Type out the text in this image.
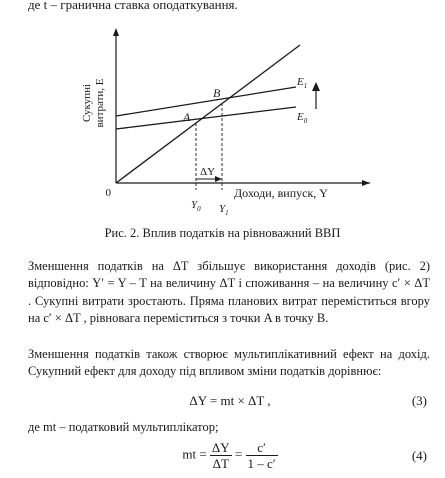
де t – гранична ставка оподаткування.
Сукупні витрати, E
0	Доходи, випуск, Y
A
B
$E_1$
$E_0$
ΔY
$Y_0$ $Y_1$
Рис. 2. Вплив податків на рівноважний ВВП

Зменшення податків на ΔT збільшує використання доходів (рис. 2) відповідно: Y′ = Y – T на величину ΔT і споживання – на величину c′ × ΔT . Сукупні витрати зростають. Пряма планових витрат переміститься вгору на c′ × ΔT , рівновага переміститься з точки A в точку B.

Зменшення податків також створює мультиплікативний ефект на дохід. Сукупний ефект для доходу під впливом зміни податків дорівнює:

ΔY = mt × ΔT ,	(3)
де mt – податковий мультиплікатор;
mt = $\frac{\Delta Y}{\Delta T} = \frac{c'}{1 - c'}$	(4)
